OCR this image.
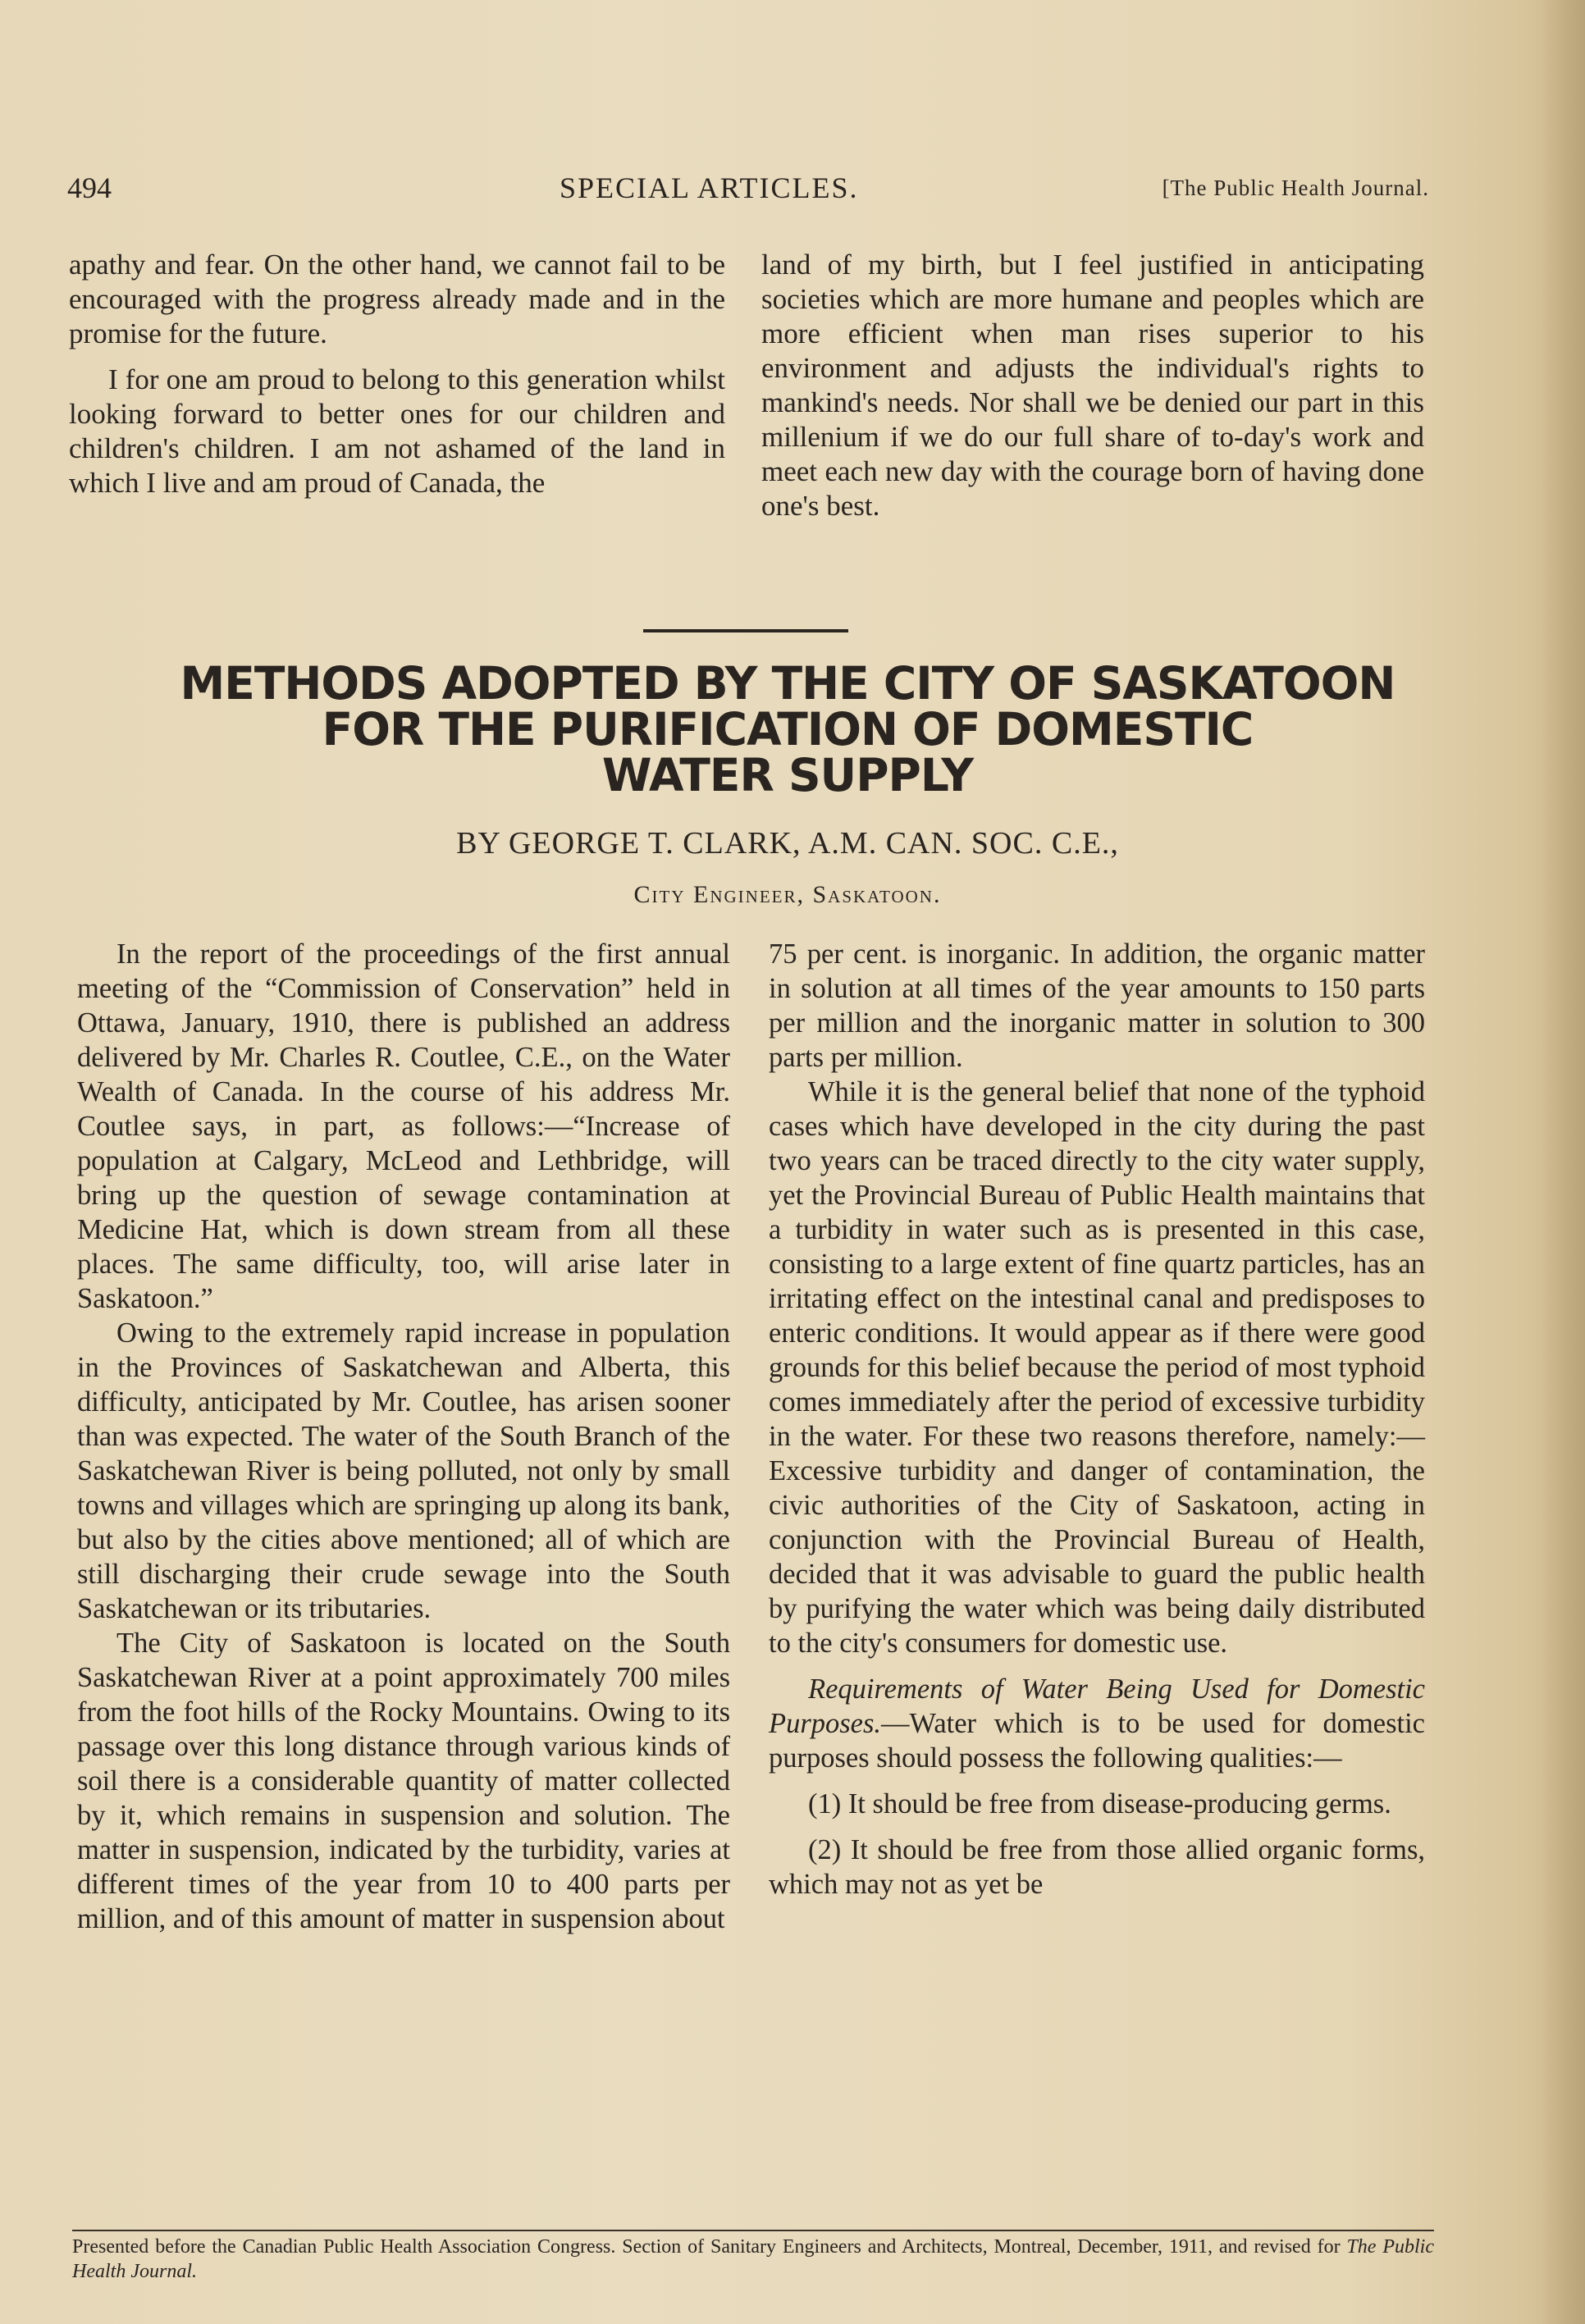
494	SPECIAL ARTICLES.	[The Public Health Journal.

apathy and fear. On the other hand, we cannot fail to be encouraged with the progress already made and in the promise for the future.

I for one am proud to belong to this generation whilst looking forward to better ones for our children and children's children. I am not ashamed of the land in which I live and am proud of Canada, the

land of my birth, but I feel justified in anticipating societies which are more humane and peoples which are more efficient when man rises superior to his environment and adjusts the individual's rights to mankind's needs. Nor shall we be denied our part in this millenium if we do our full share of to-day's work and meet each new day with the courage born of having done one's best.

METHODS ADOPTED BY THE CITY OF SASKATOON
FOR THE PURIFICATION OF DOMESTIC
WATER SUPPLY
BY GEORGE T. CLARK, A.M. CAN. SOC. C.E.,
City Engineer, Saskatoon.

In the report of the proceedings of the first annual meeting of the “Commission of Conservation” held in Ottawa, January, 1910, there is published an address delivered by Mr. Charles R. Coutlee, C.E., on the Water Wealth of Canada. In the course of his address Mr. Coutlee says, in part, as follows:—“Increase of population at Calgary, McLeod and Lethbridge, will bring up the question of sewage contamination at Medicine Hat, which is down stream from all these places. The same difficulty, too, will arise later in Saskatoon.”

Owing to the extremely rapid increase in population in the Provinces of Saskatchewan and Alberta, this difficulty, anticipated by Mr. Coutlee, has arisen sooner than was expected. The water of the South Branch of the Saskatchewan River is being polluted, not only by small towns and villages which are springing up along its bank, but also by the cities above mentioned; all of which are still discharging their crude sewage into the South Saskatchewan or its tributaries.

The City of Saskatoon is located on the South Saskatchewan River at a point approximately 700 miles from the foot hills of the Rocky Mountains. Owing to its passage over this long distance through various kinds of soil there is a considerable quantity of matter collected by it, which remains in suspension and solution. The matter in suspension, indicated by the turbidity, varies at different times of the year from 10 to 400 parts per million, and of this amount of matter in suspension about

75 per cent. is inorganic. In addition, the organic matter in solution at all times of the year amounts to 150 parts per million and the inorganic matter in solution to 300 parts per million.

While it is the general belief that none of the typhoid cases which have developed in the city during the past two years can be traced directly to the city water supply, yet the Provincial Bureau of Public Health maintains that a turbidity in water such as is presented in this case, consisting to a large extent of fine quartz particles, has an irritating effect on the intestinal canal and predisposes to enteric conditions. It would appear as if there were good grounds for this belief because the period of most typhoid comes immediately after the period of excessive turbidity in the water. For these two reasons therefore, namely:—Excessive turbidity and danger of contamination, the civic authorities of the City of Saskatoon, acting in conjunction with the Provincial Bureau of Health, decided that it was advisable to guard the public health by purifying the water which was being daily distributed to the city's consumers for domestic use.

Requirements of Water Being Used for Domestic Purposes.—Water which is to be used for domestic purposes should possess the following qualities:—

(1) It should be free from disease-producing germs.

(2) It should be free from those allied organic forms, which may not as yet be

Presented before the Canadian Public Health Association Congress. Section of Sanitary Engineers and Architects, Montreal, December, 1911, and revised for The Public Health Journal.
